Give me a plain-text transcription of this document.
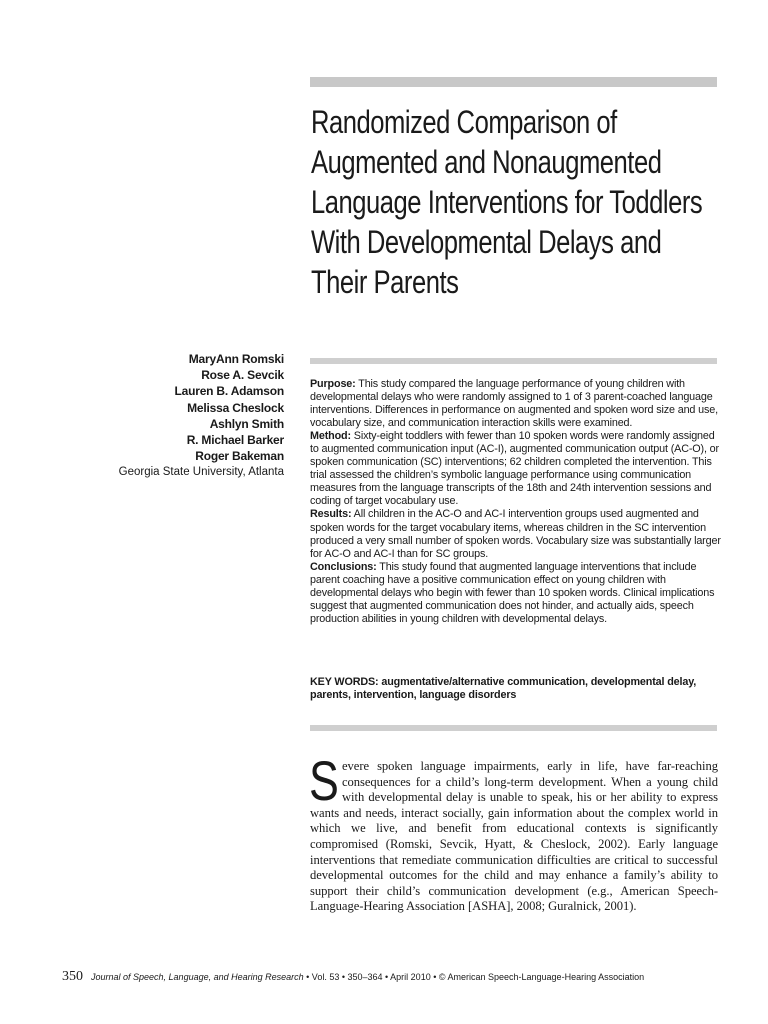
Randomized Comparison of
Augmented and Nonaugmented
Language Interventions for Toddlers
With Developmental Delays and
Their Parents
MaryAnn Romski
Rose A. Sevcik
Lauren B. Adamson
Melissa Cheslock
Ashlyn Smith
R. Michael Barker
Roger Bakeman
Georgia State University, Atlanta

Purpose: This study compared the language performance of young children with developmental delays who were randomly assigned to 1 of 3 parent-coached language interventions. Differences in performance on augmented and spoken word size and use, vocabulary size, and communication interaction skills were examined.

Method: Sixty-eight toddlers with fewer than 10 spoken words were randomly assigned to augmented communication input (AC-I), augmented communication output (AC-O), or spoken communication (SC) interventions; 62 children completed the intervention. This trial assessed the children’s symbolic language performance using communication measures from the language transcripts of the 18th and 24th intervention sessions and coding of target vocabulary use.

Results: All children in the AC-O and AC-I intervention groups used augmented and spoken words for the target vocabulary items, whereas children in the SC intervention produced a very small number of spoken words. Vocabulary size was substantially larger for AC-O and AC-I than for SC groups.

Conclusions: This study found that augmented language interventions that include parent coaching have a positive communication effect on young children with developmental delays who begin with fewer than 10 spoken words. Clinical implications suggest that augmented communication does not hinder, and actually aids, speech production abilities in young children with developmental delays.

KEY WORDS: augmentative/alternative communication, developmental delay, parents, intervention, language disorders
Severe spoken language impairments, early in life, have far-reaching consequences for a child’s long-term development. When a young child with developmental delay is unable to speak, his or her ability to express wants and needs, interact socially, gain information about the complex world in which we live, and benefit from educational contexts is significantly compromised (Romski, Sevcik, Hyatt, & Cheslock, 2002). Early language interventions that remediate communication difficulties are critical to successful developmental outcomes for the child and may enhance a family’s ability to support their child’s communication development (e.g., American Speech-Language-Hearing Association [ASHA], 2008; Guralnick, 2001).
350 Journal of Speech, Language, and Hearing Research • Vol. 53 • 350–364 • April 2010 • © American Speech-Language-Hearing Association
